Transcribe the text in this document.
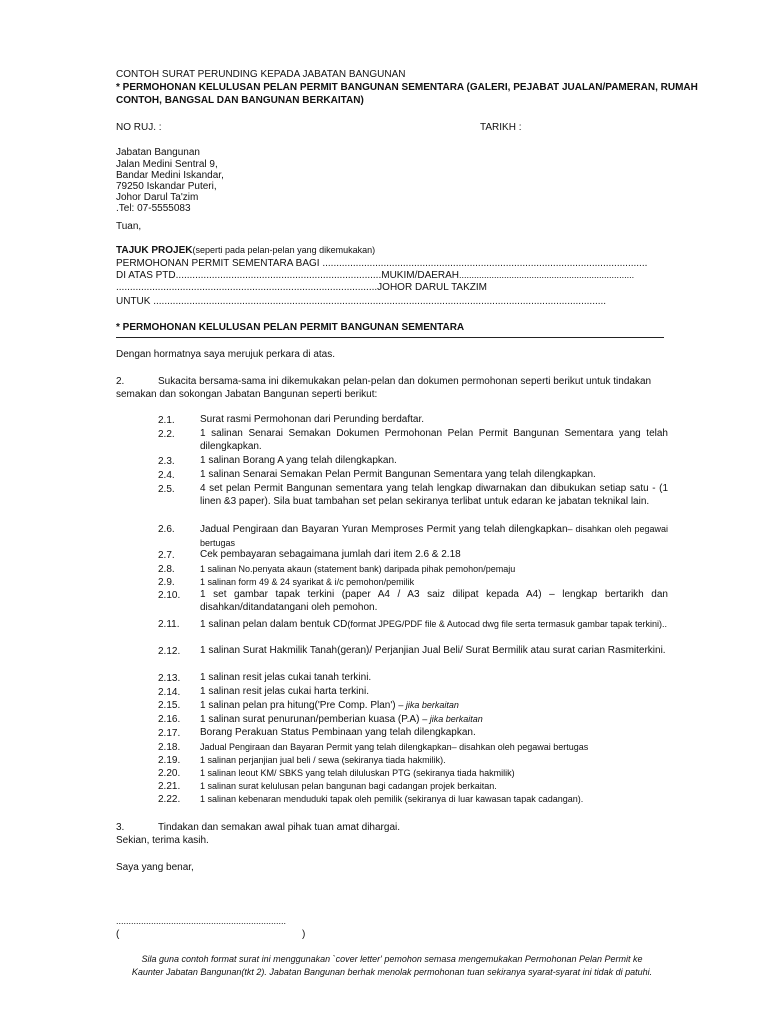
CONTOH SURAT PERUNDING KEPADA JABATAN BANGUNAN
* PERMOHONAN KELULUSAN PELAN PERMIT BANGUNAN SEMENTARA (GALERI, PEJABAT JUALAN/PAMERAN, RUMAH
CONTOH, BANGSAL DAN BANGUNAN BERKAITAN)
NO RUJ. :	TARIKH :
Jabatan Bangunan
Jalan Medini Sentral 9,
Bandar Medini Iskandar,
79250 Iskandar Puteri,
Johor Darul Ta'zim
.Tel: 07-5555083
Tuan,
TAJUK PROJEK(seperti pada pelan-pelan yang dikemukakan)
PERMOHONAN PERMIT SEMENTARA BAGI .....................................................................................................................
DI ATAS PTD..........................................................................MUKIM/DAERAH......................................................................
..............................................................................................JOHOR DARUL TAKZIM
UNTUK ...................................................................................................................................................................
* PERMOHONAN KELULUSAN PELAN PERMIT BANGUNAN SEMENTARA
Dengan hormatnya saya merujuk perkara di atas.
2.	Sukacita bersama-sama ini dikemukakan pelan-pelan dan dokumen permohonan seperti berikut untuk tindakan
semakan dan sokongan Jabatan Bangunan seperti berikut:
2.1.	Surat rasmi Permohonan dari Perunding berdaftar.
2.2.	1 salinan Senarai Semakan Dokumen Permohonan Pelan Permit Bangunan Sementara yang telah dilengkapkan.
2.3.	1 salinan Borang A yang telah dilengkapkan.
2.4.	1 salinan Senarai Semakan Pelan Permit Bangunan Sementara yang telah dilengkapkan.
2.5.	4 set pelan Permit Bangunan sementara yang telah lengkap diwarnakan dan dibukukan setiap satu - (1 linen &3 paper). Sila buat tambahan set pelan sekiranya terlibat untuk edaran ke jabatan teknikal lain.
2.6.	Jadual Pengiraan dan Bayaran Yuran Memproses Permit yang telah dilengkapkan– disahkan oleh pegawai bertugas
2.7.	Cek pembayaran sebagaimana jumlah dari item 2.6 & 2.18
2.8.	1 salinan No.penyata akaun (statement bank) daripada pihak pemohon/pemaju
2.9.	1 salinan form 49 & 24 syarikat & i/c pemohon/pemilik
2.10. 1 set gambar tapak terkini (paper A4 / A3 saiz dilipat kepada A4) – lengkap bertarikh dan disahkan/ditandatangani oleh pemohon.
2.11. 1 salinan pelan dalam bentuk CD(format JPEG/PDF file & Autocad dwg file serta termasuk gambar tapak terkini)..
2.12. 1 salinan Surat Hakmilik Tanah(geran)/ Perjanjian Jual Beli/ Surat Bermilik atau surat carian Rasmiterkini.
2.13. 1 salinan resit jelas cukai tanah terkini.
2.14. 1 salinan resit jelas cukai harta terkini.
2.15. 1 salinan pelan pra hitung('Pre Comp. Plan') – jika berkaitan
2.16. 1 salinan surat penurunan/pemberian kuasa (P.A) – jika berkaitan
2.17. Borang Perakuan Status Pembinaan yang telah dilengkapkan.
2.18. Jadual Pengiraan dan Bayaran Permit yang telah dilengkapkan– disahkan oleh pegawai bertugas
2.19. 1 salinan perjanjian jual beli / sewa (sekiranya tiada hakmilik).
2.20. 1 salinan leout KM/ SBKS yang telah diluluskan PTG (sekiranya tiada hakmilik)
2.21. 1 salinan surat kelulusan pelan bangunan bagi cadangan projek berkaitan.
2.22. 1 salinan kebenaran menduduki tapak oleh pemilik (sekiranya di luar kawasan tapak cadangan).
3.	Tindakan dan semakan awal pihak tuan amat dihargai.
Sekian, terima kasih.
Saya yang benar,
....................................................................
(	)
Sila guna contoh format surat ini menggunakan `cover letter' pemohon semasa mengemukakan Permohonan Pelan Permit ke
Kaunter Jabatan Bangunan(tkt 2). Jabatan Bangunan berhak menolak permohonan tuan sekiranya syarat-syarat ini tidak di patuhi.
